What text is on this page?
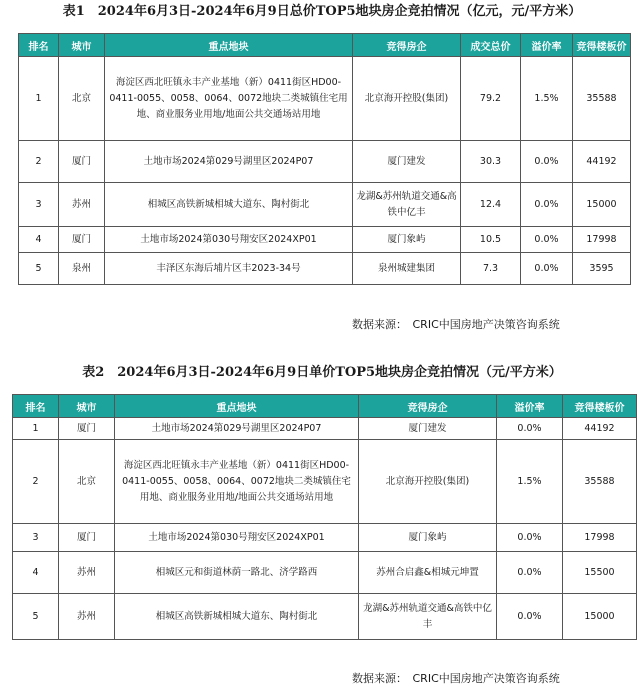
表1　2024年6月3日-2024年6月9日总价TOP5地块房企竞拍情况（亿元，元/平方米）
排名	城市	重点地块	竞得房企	成交总价	溢价率	竞得楼板价
1	北京	海淀区西北旺镇永丰产业基地（新）0411街区HD00-0411-0055、0058、0064、0072地块二类城镇住宅用地、商业服务业用地/地面公共交通场站用地	北京海开控股(集团)	79.2	1.5%	35588
2	厦门	土地市场2024第029号湖里区2024P07	厦门建发	30.3	0.0%	44192
3	苏州	相城区高铁新城相城大道东、陶村街北	龙湖&苏州轨道交通&高铁中亿丰	12.4	0.0%	15000
4	厦门	土地市场2024第030号翔安区2024XP01	厦门象屿	10.5	0.0%	17998
5	泉州	丰泽区东海后埔片区丰2023-34号	泉州城建集团	7.3	0.0%	3595
数据来源：　CRIC中国房地产决策咨询系统
表2　2024年6月3日-2024年6月9日单价TOP5地块房企竞拍情况（元/平方米）
排名	城市	重点地块	竞得房企	溢价率	竞得楼板价
1	厦门	土地市场2024第029号湖里区2024P07	厦门建发	0.0%	44192
2	北京	海淀区西北旺镇永丰产业基地（新）0411街区HD00-0411-0055、0058、0064、0072地块二类城镇住宅用地、商业服务业用地/地面公共交通场站用地	北京海开控股(集团)	1.5%	35588
3	厦门	土地市场2024第030号翔安区2024XP01	厦门象屿	0.0%	17998
4	苏州	相城区元和街道林荫一路北、济学路西	苏州合启鑫&相城元坤置	0.0%	15500
5	苏州	相城区高铁新城相城大道东、陶村街北	龙湖&苏州轨道交通&高铁中亿丰	0.0%	15000
数据来源：　CRIC中国房地产决策咨询系统
